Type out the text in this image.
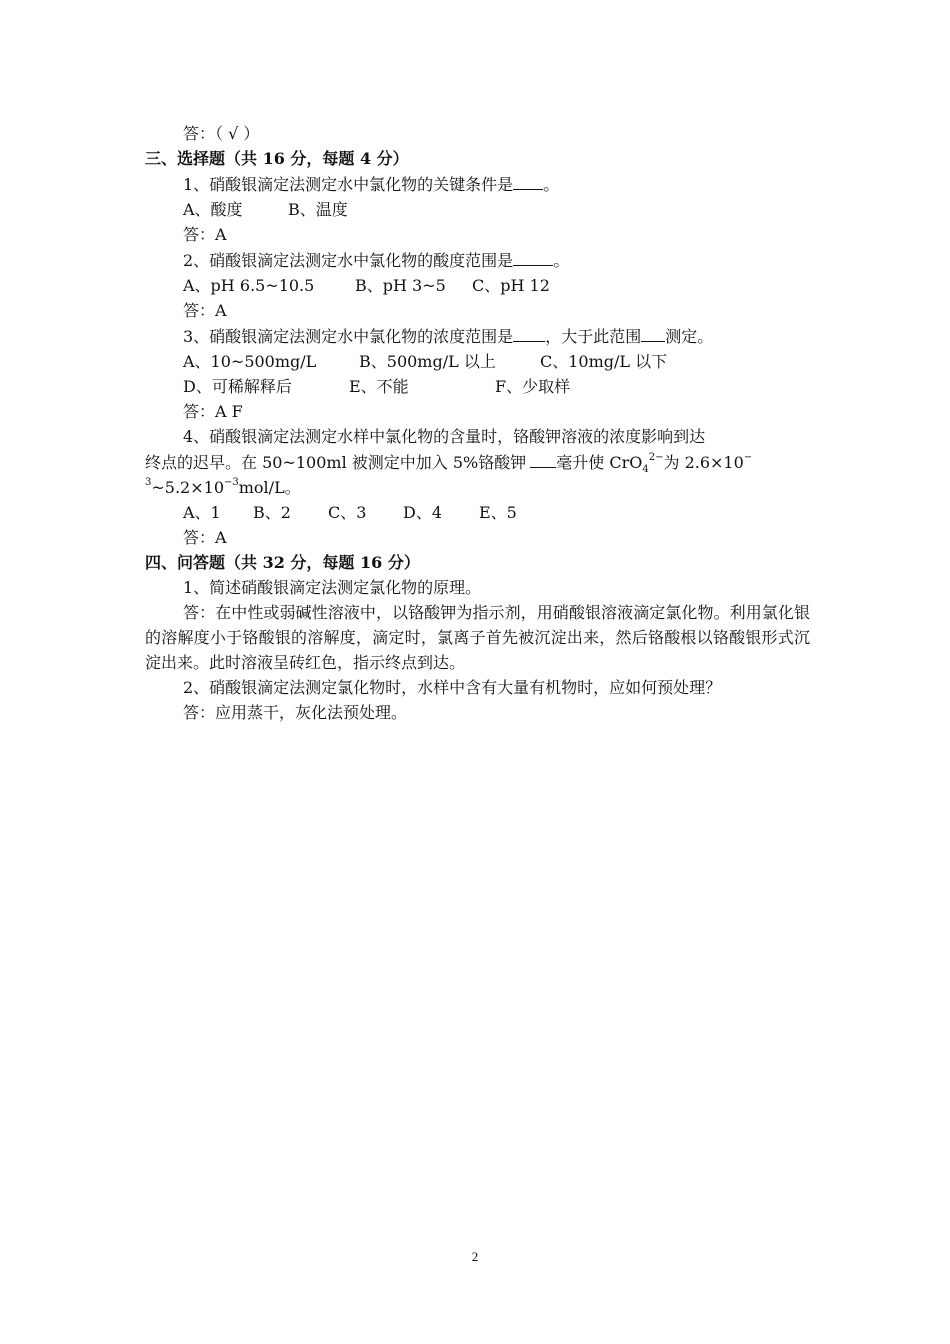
答：（ √ ）
三、选择题（共 16 分，每题 4 分）
1、硝酸银滴定法测定水中氯化物的关键条件是 。
A、酸度	B、温度
答：A
2、硝酸银滴定法测定水中氯化物的酸度范围是	。
A、pH 6.5~10.5	B、pH 3~5 C、pH 12
答：A
3、硝酸银滴定法测定水中氯化物的浓度范围是 ，大于此范围 测定。
A、10~500mg/L	B、500mg/L 以上	C、10mg/L 以下
D、可稀解释后	E、不能	F、少取样
答：A F
4、硝酸银滴定法测定水样中氯化物的含量时，铬酸钾溶液的浓度影响到达
终点的迟早。在 50~100ml 被测定中加入 5%铬酸钾 毫升使 CrO$_4^{2-}$为 2.6×10−
$^3\sim 5.2\times 10^{-3}mol/L$。
A、1 B、2 C、3 D、4 E、5
答：A
四、问答题（共 32 分，每题 16 分）
1、简述硝酸银滴定法测定氯化物的原理。
答：在中性或弱碱性溶液中，以铬酸钾为指示剂，用硝酸银溶液滴定氯化物。利用氯化银的溶解度小于铬酸银的溶解度，滴定时，氯离子首先被沉淀出来，然后铬酸根以铬酸银形式沉淀出来。此时溶液呈砖红色，指示终点到达。
2、硝酸银滴定法测定氯化物时，水样中含有大量有机物时，应如何预处理？
答：应用蒸干，灰化法预处理。
2
